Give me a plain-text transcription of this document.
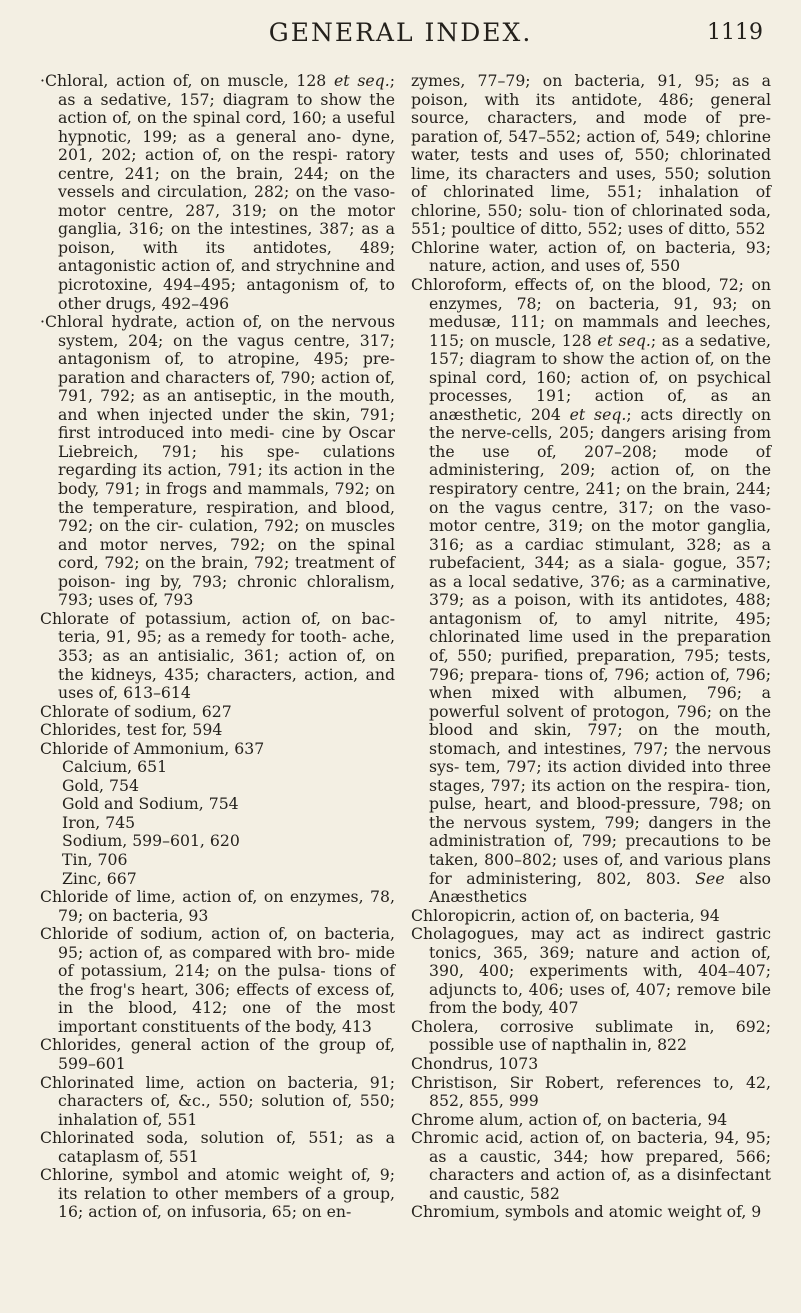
GENERAL INDEX.	1119

·Chloral, action of, on muscle, 128 et seq.; as a sedative, 157; diagram to show the action of, on the spinal cord, 160; a useful hypnotic, 199; as a general ano- dyne, 201, 202; action of, on the respi- ratory centre, 241; on the brain, 244; on the vessels and circulation, 282; on the vaso-motor centre, 287, 319; on the motor ganglia, 316; on the intestines, 387; as a poison, with its antidotes, 489; antagonistic action of, and strychnine and picrotoxine, 494–495; antagonism of, to other drugs, 492–496

·Chloral hydrate, action of, on the nervous system, 204; on the vagus centre, 317; antagonism of, to atropine, 495; pre- paration and characters of, 790; action of, 791, 792; as an antiseptic, in the mouth, and when injected under the skin, 791; first introduced into medi- cine by Oscar Liebreich, 791; his spe- culations regarding its action, 791; its action in the body, 791; in frogs and mammals, 792; on the temperature, respiration, and blood, 792; on the cir- culation, 792; on muscles and motor nerves, 792; on the spinal cord, 792; on the brain, 792; treatment of poison- ing by, 793; chronic chloralism, 793; uses of, 793

Chlorate of potassium, action of, on bac- teria, 91, 95; as a remedy for tooth- ache, 353; as an antisialic, 361; action of, on the kidneys, 435; characters, action, and uses of, 613–614

Chlorate of sodium, 627

Chlorides, test for, 594

Chloride of Ammonium, 637

Calcium, 651

Gold, 754

Gold and Sodium, 754

Iron, 745

Sodium, 599–601, 620

Tin, 706

Zinc, 667

Chloride of lime, action of, on enzymes, 78, 79; on bacteria, 93

Chloride of sodium, action of, on bacteria, 95; action of, as compared with bro- mide of potassium, 214; on the pulsa- tions of the frog's heart, 306; effects of excess of, in the blood, 412; one of the most important constituents of the body, 413

Chlorides, general action of the group of, 599–601

Chlorinated lime, action on bacteria, 91; characters of, &c., 550; solution of, 550; inhalation of, 551

Chlorinated soda, solution of, 551; as a cataplasm of, 551

Chlorine, symbol and atomic weight of, 9; its relation to other members of a group, 16; action of, on infusoria, 65; on en-

zymes, 77–79; on bacteria, 91, 95; as a poison, with its antidote, 486; general source, characters, and mode of pre- paration of, 547–552; action of, 549; chlorine water, tests and uses of, 550; chlorinated lime, its characters and uses, 550; solution of chlorinated lime, 551; inhalation of chlorine, 550; solu- tion of chlorinated soda, 551; poultice of ditto, 552; uses of ditto, 552

Chlorine water, action of, on bacteria, 93; nature, action, and uses of, 550

Chloroform, effects of, on the blood, 72; on enzymes, 78; on bacteria, 91, 93; on medusæ, 111; on mammals and leeches, 115; on muscle, 128 et seq.; as a sedative, 157; diagram to show the action of, on the spinal cord, 160; action of, on psychical processes, 191; action of, as an anæsthetic, 204 et seq.; acts directly on the nerve-cells, 205; dangers arising from the use of, 207–208; mode of administering, 209; action of, on the respiratory centre, 241; on the brain, 244; on the vagus centre, 317; on the vaso-motor centre, 319; on the motor ganglia, 316; as a cardiac stimulant, 328; as a rubefacient, 344; as a siala- gogue, 357; as a local sedative, 376; as a carminative, 379; as a poison, with its antidotes, 488; antagonism of, to amyl nitrite, 495; chlorinated lime used in the preparation of, 550; purified, preparation, 795; tests, 796; prepara- tions of, 796; action of, 796; when mixed with albumen, 796; a powerful solvent of protogon, 796; on the blood and skin, 797; on the mouth, stomach, and intestines, 797; the nervous sys- tem, 797; its action divided into three stages, 797; its action on the respira- tion, pulse, heart, and blood-pressure, 798; on the nervous system, 799; dangers in the administration of, 799; precautions to be taken, 800–802; uses of, and various plans for administering, 802, 803. See also Anæsthetics

Chloropicrin, action of, on bacteria, 94

Cholagogues, may act as indirect gastric tonics, 365, 369; nature and action of, 390, 400; experiments with, 404–407; adjuncts to, 406; uses of, 407; remove bile from the body, 407

Cholera, corrosive sublimate in, 692; possible use of napthalin in, 822

Chondrus, 1073

Christison, Sir Robert, references to, 42, 852, 855, 999

Chrome alum, action of, on bacteria, 94

Chromic acid, action of, on bacteria, 94, 95; as a caustic, 344; how prepared, 566; characters and action of, as a disinfectant and caustic, 582

Chromium, symbols and atomic weight of, 9
